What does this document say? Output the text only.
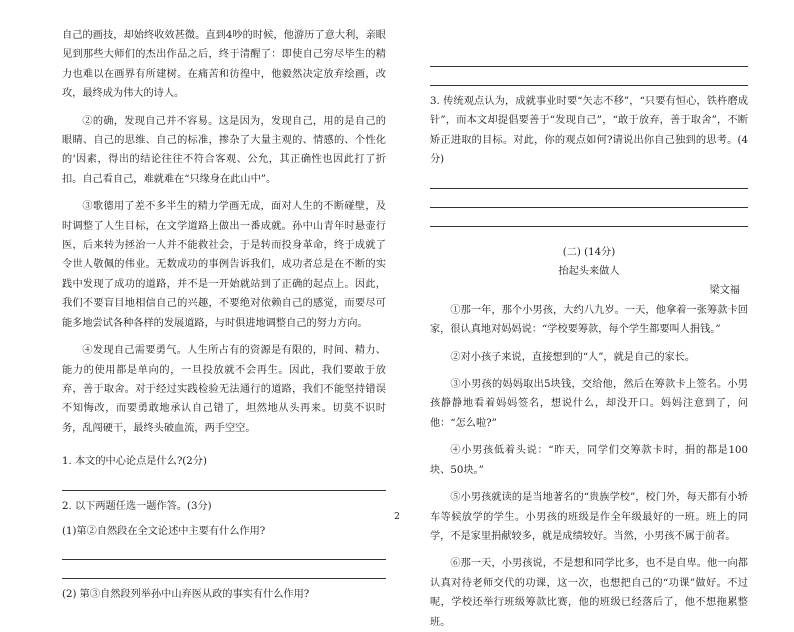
自己的画技，却始终收效甚微。直到4吵的时候，他游历了意大利，亲眼见到那些大师们的杰出作品之后，终于清醒了：即使自己穷尽毕生的精力也难以在画界有所建树。在痛苦和彷徨中，他毅然决定放弃绘画，改攻，最终成为伟大的诗人。

②的确，发现自己并不容易。这是因为，发现自己，用的是自己的眼睛、自己的思维、自己的标准，掺杂了大量主观的、情感的、个性化的'因素，得出的结论往往不符合客观、公允，其正确性也因此打了折扣。自己看自己，难就难在“只缘身在此山中”。

③歌德用了差不多半生的精力学画无成，面对人生的不断碰壁，及时调整了人生目标，在文学道路上做出一番成就。孙中山青年时悬壶行医，后来转为拯治一人并不能救社会，于是转而投身革命，终于成就了令世人敬佩的伟业。无数成功的事例告诉我们，成功者总是在不断的实践中发现了成功的道路，并不是一开始就站到了正确的起点上。因此，我们不要盲目地相信自己的兴趣，不要绝对依赖自己的感觉，而要尽可能多地尝试各种各样的发展道路，与时俱进地调整自己的努力方向。

④发现自己需要勇气。人生所占有的资源是有限的，时间、精力、能力的使用都是单向的，一旦投放就不会再生。因此，我们要敢于放弃，善于取舍。对于经过实践检验无法通行的道路，我们不能坚持错误不知悔改，而要勇敢地承认自己错了，坦然地从头再来。切莫不识时务，乱闯硬干，最终头破血流，两手空空。

1. 本文的中心论点是什么?(2分)

2. 以下两题任选一题作答。(3分)

(1)第②自然段在全文论述中主要有什么作用?

(2) 第③自然段列举孙中山弃医从政的事实有什么作用?

3. 传统观点认为，成就事业时要“矢志不移”，“只要有恒心，铁杵磨成针”，而本文却提倡要善于“发现自己”，“敢于放弃，善于取舍”，不断矫正进取的目标。对此，你的观点如何?请说出你自己独到的思考。(4分)

(二) (14分)

抬起头来做人

梁文福

①那一年，那个小男孩，大约八九岁。一天，他拿着一张筹款卡回家，很认真地对妈妈说：“学校要筹款，每个学生都要叫人捐钱。”

②对小孩子来说，直接想到的“人”，就是自己的家长。

③小男孩的妈妈取出5块钱，交给他，然后在筹款卡上签名。小男孩静静地看着妈妈签名，想说什么，却没开口。妈妈注意到了，问他：“怎么啦?”

④小男孩低着头说：“昨天，同学们交筹款卡时，捐的都是100块、50块。”

⑤小男孩就读的是当地著名的“贵族学校”，校门外，每天都有小轿车等候放学的学生。小男孩的班级是作全年级最好的一班。班上的同学，不是家里捐献较多，就是成绩较好。当然，小男孩不属于前者。

⑥那一天，小男孩说，不是想和同学比多，也不是自卑。他一向都认真对待老师交代的功课，这一次，也想把自己的“功课”做好。不过呢，学校还举行班级筹款比赛，他的班级已经落后了，他不想拖累整班。

2
